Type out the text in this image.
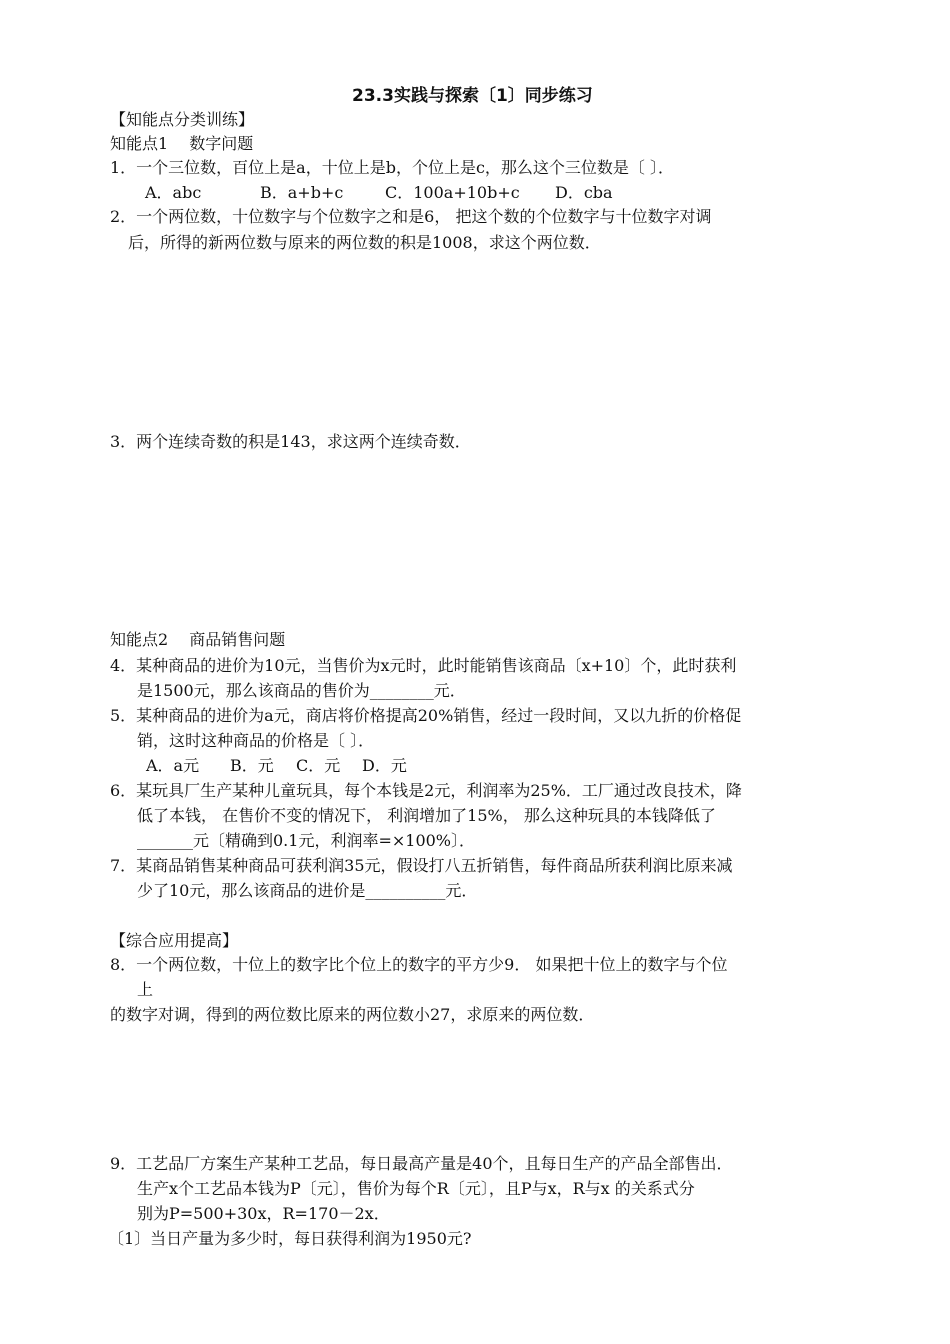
23.3实践与探索〔1〕同步练习
【知能点分类训练】
知能点1　 数字问题
1．一个三位数，百位上是a，十位上是b，个位上是c，那么这个三位数是〔 〕．
A．abc	B．a+b+c	C．100a+10b+c D．cba
2．一个两位数，十位数字与个位数字之和是6， 把这个数的个位数字与十位数字对调
后，所得的新两位数与原来的两位数的积是1008，求这个两位数．
3．两个连续奇数的积是143，求这两个连续奇数．
知能点2　 商品销售问题
4．某种商品的进价为10元，当售价为x元时，此时能销售该商品〔x+10〕个，此时获利
是1500元，那么该商品的售价为________元．
5．某种商品的进价为a元，商店将价格提高20%销售，经过一段时间，又以九折的价格促
销，这时这种商品的价格是〔 〕．
A．a元 B．元 C．元 D．元
6．某玩具厂生产某种儿童玩具，每个本钱是2元，利润率为25%．工厂通过改良技术，降
低了本钱， 在售价不变的情况下， 利润增加了15%， 那么这种玩具的本钱降低了
_______元〔精确到0.1元，利润率=×100%〕．
7．某商品销售某种商品可获利润35元，假设打八五折销售，每件商品所获利润比原来减
少了10元，那么该商品的进价是__________元．
【综合应用提高】
8．一个两位数，十位上的数字比个位上的数字的平方少9． 如果把十位上的数字与个位
上
的数字对调，得到的两位数比原来的两位数小27，求原来的两位数．
9．工艺品厂方案生产某种工艺品，每日最高产量是40个，且每日生产的产品全部售出．
生产x个工艺品本钱为P〔元〕，售价为每个R〔元〕，且P与x，R与x 的关系式分
别为P=500+30x，R=170－2x．
〔1〕当日产量为多少时，每日获得利润为1950元?
